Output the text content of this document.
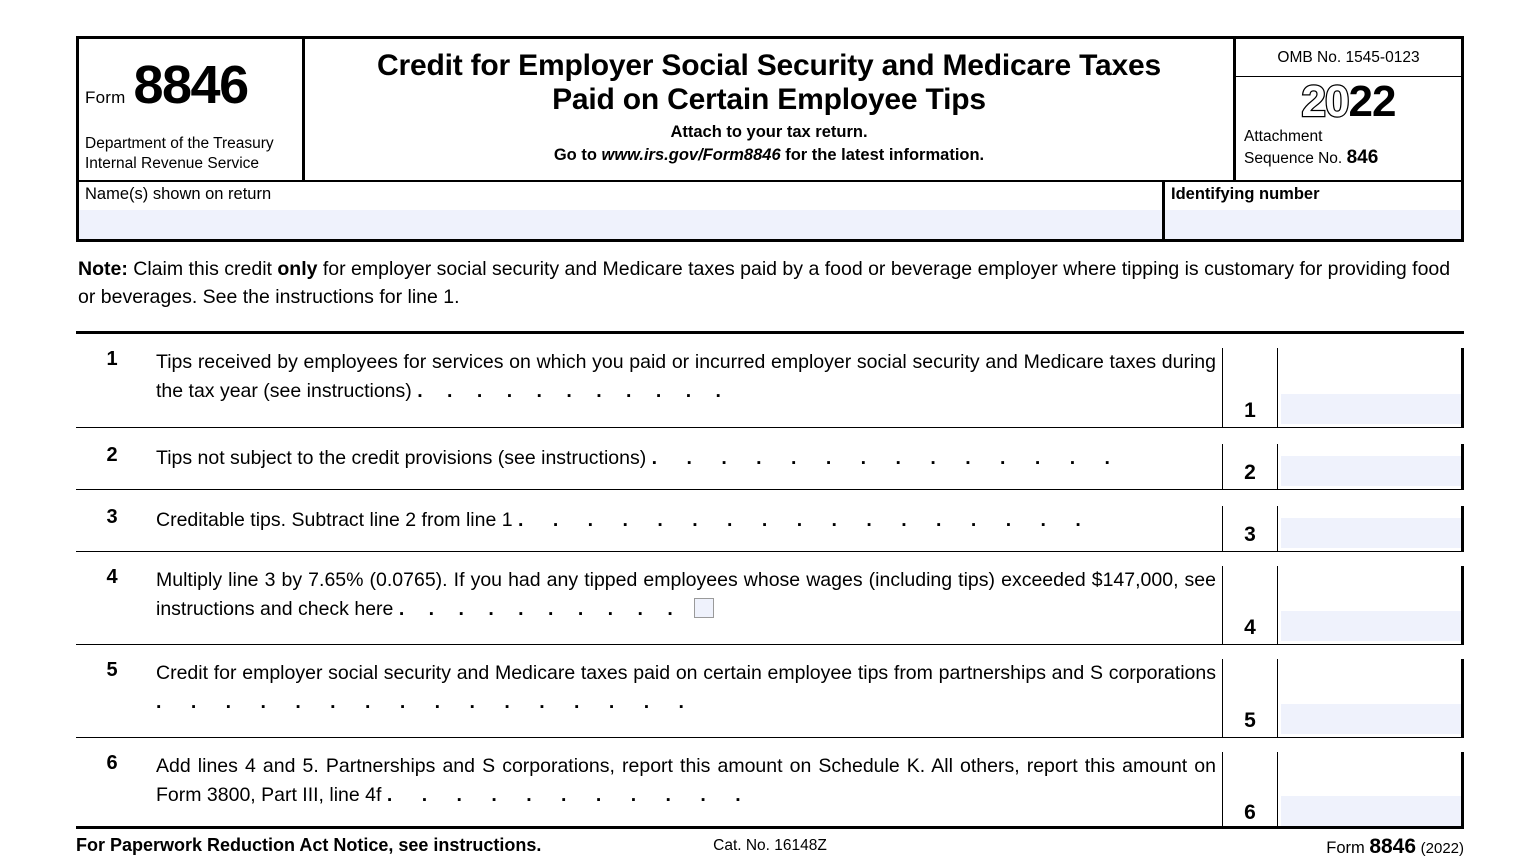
Form 8846
Department of the Treasury
Internal Revenue Service
Credit for Employer Social Security and Medicare Taxes
Paid on Certain Employee Tips
Attach to your tax return.
Go to www.irs.gov/Form8846 for the latest information.
OMB No. 1545-0123
2022
Attachment
Sequence No. 846
Name(s) shown on return	Identifying number
Note: Claim this credit only for employer social security and Medicare taxes paid by a food or beverage employer where tipping is customary for providing food or beverages. See the instructions for line 1.
1	Tips received by employees for services on which you paid or incurred employer social security and Medicare taxes during the tax year (see instructions) . . . . . . . . . . .
1
2	Tips not subject to the credit provisions (see instructions) . . . . . . . . . . . . . .
2
3	Creditable tips. Subtract line 2 from line 1 . . . . . . . . . . . . . . . . .
3
4	Multiply line 3 by 7.65% (0.0765). If you had any tipped employees whose wages (including tips) exceeded $147,000, see instructions and check here . . . . . . . . . .
4
5	Credit for employer social security and Medicare taxes paid on certain employee tips from partnerships and S corporations . . . . . . . . . . . . . . . .
5
6	Add lines 4 and 5. Partnerships and S corporations, report this amount on Schedule K. All others, report this amount on Form 3800, Part III, line 4f . . . . . . . . . . .
6
For Paperwork Reduction Act Notice, see instructions.	Cat. No. 16148Z	Form 8846 (2022)
